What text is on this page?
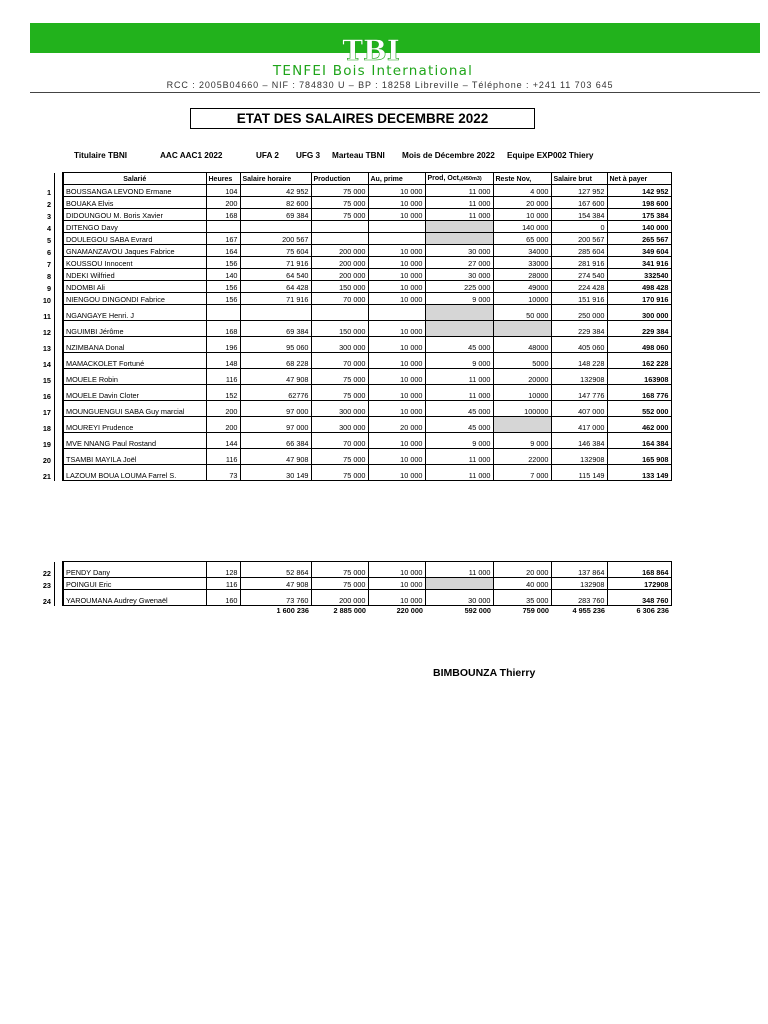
TBI
TENFEI Bois International
RCC : 2005B04660 – NIF : 784830 U – BP : 18258 Libreville – Téléphone : +241 11 703 645
ETAT DES SALAIRES DECEMBRE 2022
Titulaire TBNI	AAC AAC1 2022	UFA 2 UFG 3 Marteau TBNI Mois de Décembre 2022 Equipe EXP002 Thiery
		Salarié	Heures	Salaire horaire	Production	Au, prime	Prod, Oct,(450m3)	Reste Nov,	Salaire brut	Net à payer
1		BOUSSANGA LEVOND Ermane	104	42 952	75 000	10 000	11 000	4 000	127 952	142 952
2		BOUAKA Elvis	200	82 600	75 000	10 000	11 000	20 000	167 600	198 600
3		DIDOUNGOU M. Boris Xavier	168	69 384	75 000	10 000	11 000	10 000	154 384	175 384
4		DITENGO Davy						140 000	0	140 000
5		DOULEGOU SABA Evrard	167	200 567				65 000	200 567	265 567
6		GNAMANZAVOU Jaques Fabrice	164	75 604	200 000	10 000	30 000	34000	285 604	349 604
7		KOUSSOU Innocent	156	71 916	200 000	10 000	27 000	33000	281 916	341 916
8		NDEKI Wilfried	140	64 540	200 000	10 000	30 000	28000	274 540	332540
9		NDOMBI Ali	156	64 428	150 000	10 000	225 000	49000	224 428	498 428
10		NIENGOU DINGONDI Fabrice	156	71 916	70 000	10 000	9 000	10000	151 916	170 916
11		NGANGAYE Henri. J						50 000	250 000	300 000
12		NGUIMBI Jérôme	168	69 384	150 000	10 000			229 384	229 384
13		NZIMBANA Donal	196	95 060	300 000	10 000	45 000	48000	405 060	498 060
14		MAMACKOLET Fortuné	148	68 228	70 000	10 000	9 000	5000	148 228	162 228
15		MOUELE Robin	116	47 908	75 000	10 000	11 000	20000	132908	163908
16		MOUELE Davin Cloter	152	62776	75 000	10 000	11 000	10000	147 776	168 776
17		MOUNGUENGUI SABA Guy marcial	200	97 000	300 000	10 000	45 000	100000	407 000	552 000
18		MOUREYI Prudence	200	97 000	300 000	20 000	45 000		417 000	462 000
19		MVE NNANG Paul Rostand	144	66 384	70 000	10 000	9 000	9 000	146 384	164 384
20		TSAMBI MAYILA Joël	116	47 908	75 000	10 000	11 000	22000	132908	165 908
21		LAZOUM BOUA LOUMA Farrel S.	73	30 149	75 000	10 000	11 000	7 000	115 149	133 149

22		PENDY Dany	128	52 864	75 000	10 000	11 000	20 000	137 864	168 864
23		POINGUI Eric	116	47 908	75 000	10 000		40 000	132908	172908
24		YAROUMANA Audrey Gwenaël	160	73 760	200 000	10 000	30 000	35 000	283 760	348 760
				1 600 236	2 885 000	220 000	592 000	759 000	4 955 236	6 306 236
BIMBOUNZA Thierry
